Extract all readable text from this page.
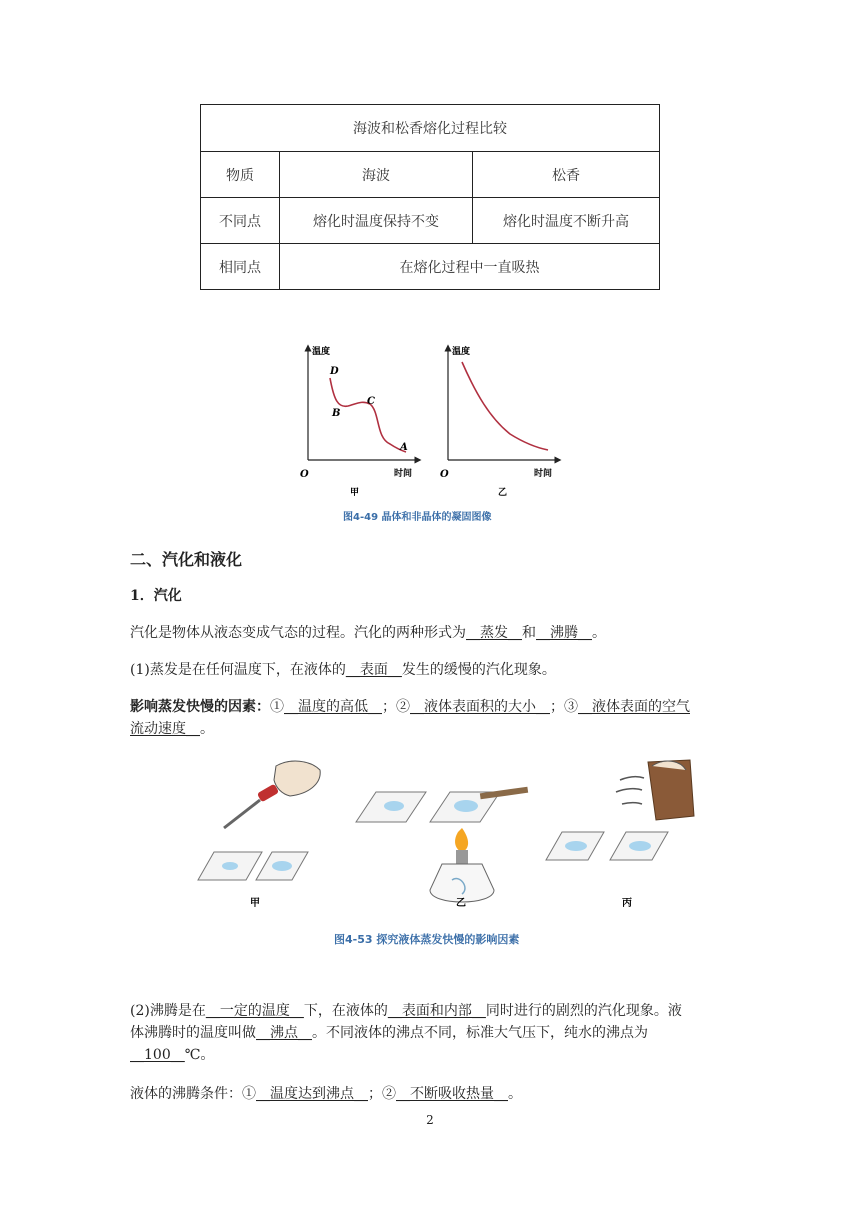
海波和松香熔化过程比较		
物质	海波	松香
不同点	熔化时温度保持不变	熔化时温度不断升高
相同点	在熔化过程中一直吸热	
温度
时间
O
D
B
C
A
甲
温度
时间
O
乙
图4-49 晶体和非晶体的凝固图像
二、汽化和液化
1．汽化
汽化是物体从液态变成气态的过程。汽化的两种形式为__蒸发__和__沸腾__。
(1)蒸发是在任何温度下，在液体的__表面__发生的缓慢的汽化现象。
影响蒸发快慢的因素：①__温度的高低__；②__液体表面积的大小__；③__液体表面的空气
流动速度__。
甲	乙	丙
图4-53 探究液体蒸发快慢的影响因素
(2)沸腾是在__一定的温度__下，在液体的__表面和内部__同时进行的剧烈的汽化现象。液
体沸腾时的温度叫做__沸点__。不同液体的沸点不同，标准大气压下，纯水的沸点为
__100__℃。
液体的沸腾条件：①__温度达到沸点__；②__不断吸收热量__。
2
